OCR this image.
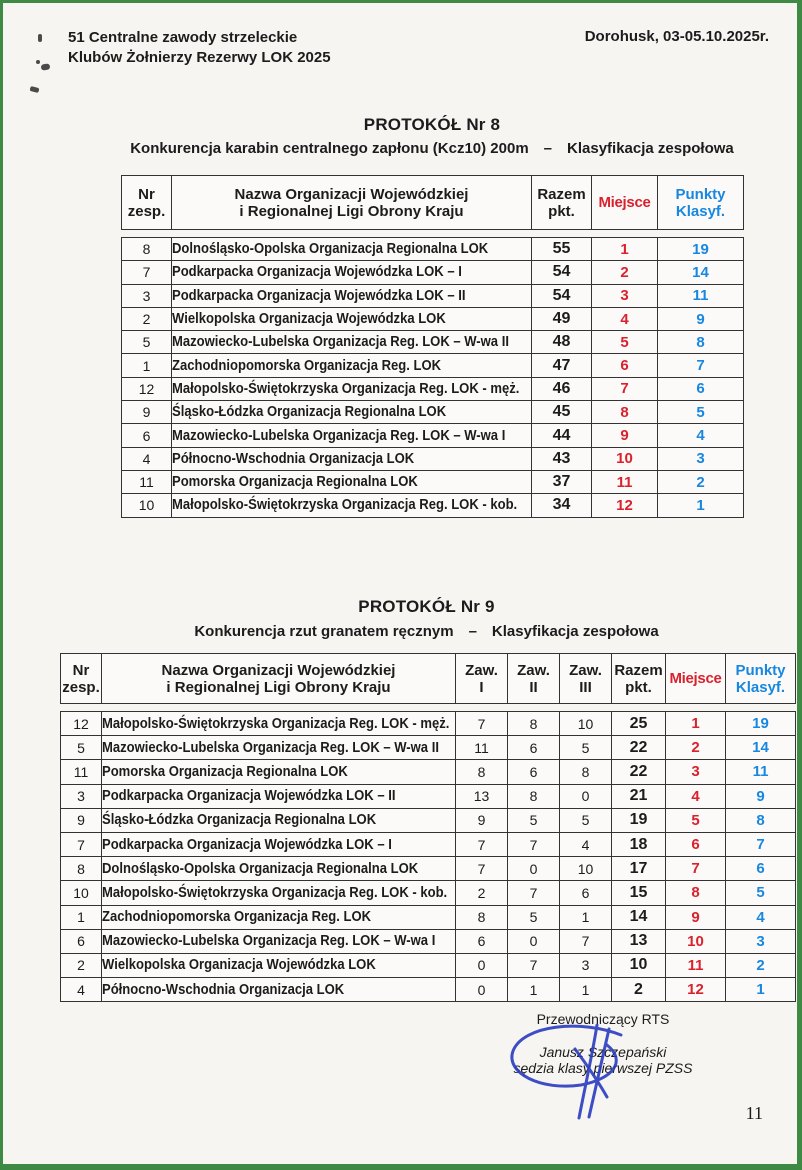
51 Centralne zawody strzeleckie
Klubów Żołnierzy Rezerwy LOK 2025
Dorohusk, 03-05.10.2025r.
PROTOKÓŁ Nr 8
Konkurencja karabin centralnego zapłonu (Kcz10) 200m – Klasyfikacja zespołowa
Nr
zesp.	Nazwa Organizacji Wojewódzkiej
i Regionalnej Ligi Obrony Kraju	Razem
pkt.	Miejsce	Punkty
Klasyf.
8	Dolnośląsko-Opolska Organizacja Regionalna LOK	55	1	19
7	Podkarpacka Organizacja Wojewódzka LOK – I	54	2	14
3	Podkarpacka Organizacja Wojewódzka LOK – II	54	3	11
2	Wielkopolska Organizacja Wojewódzka LOK	49	4	9
5	Mazowiecko-Lubelska Organizacja Reg. LOK – W-wa II	48	5	8
1	Zachodniopomorska Organizacja Reg. LOK	47	6	7
12	Małopolsko-Świętokrzyska Organizacja Reg. LOK - męż.	46	7	6
9	Śląsko-Łódzka Organizacja Regionalna LOK	45	8	5
6	Mazowiecko-Lubelska Organizacja Reg. LOK – W-wa I	44	9	4
4	Północno-Wschodnia Organizacja LOK	43	10	3
11	Pomorska Organizacja Regionalna LOK	37	11	2
10	Małopolsko-Świętokrzyska Organizacja Reg. LOK - kob.	34	12	1
PROTOKÓŁ Nr 9
Konkurencja rzut granatem ręcznym – Klasyfikacja zespołowa
Nr
zesp.	Nazwa Organizacji Wojewódzkiej
i Regionalnej Ligi Obrony Kraju	Zaw.
I	Zaw.
II	Zaw.
III	Razem
pkt.	Miejsce	Punkty
Klasyf.
12	Małopolsko-Świętokrzyska Organizacja Reg. LOK - męż.	7	8	10	25	1	19
5	Mazowiecko-Lubelska Organizacja Reg. LOK – W-wa II	11	6	5	22	2	14
11	Pomorska Organizacja Regionalna LOK	8	6	8	22	3	11
3	Podkarpacka Organizacja Wojewódzka LOK – II	13	8	0	21	4	9
9	Śląsko-Łódzka Organizacja Regionalna LOK	9	5	5	19	5	8
7	Podkarpacka Organizacja Wojewódzka LOK – I	7	7	4	18	6	7
8	Dolnośląsko-Opolska Organizacja Regionalna LOK	7	0	10	17	7	6
10	Małopolsko-Świętokrzyska Organizacja Reg. LOK - kob.	2	7	6	15	8	5
1	Zachodniopomorska Organizacja Reg. LOK	8	5	1	14	9	4
6	Mazowiecko-Lubelska Organizacja Reg. LOK – W-wa I	6	0	7	13	10	3
2	Wielkopolska Organizacja Wojewódzka LOK	0	7	3	10	11	2
4	Północno-Wschodnia Organizacja LOK	0	1	1	2	12	1
Przewodniczący RTS
Janusz Szczepański
sędzia klasy pierwszej PZSS
11
